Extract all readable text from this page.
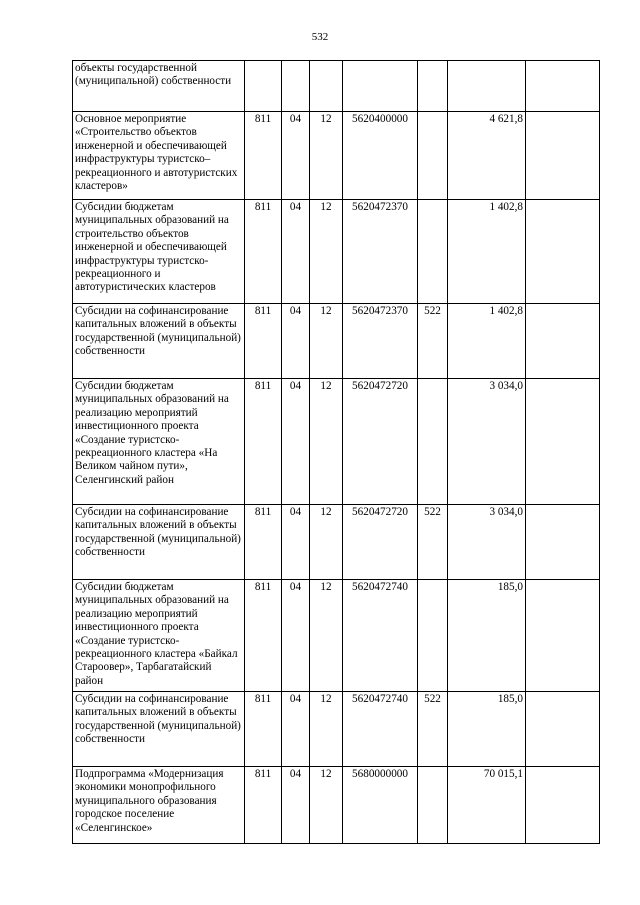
532
объекты государственной (муниципальной) собственности							
Основное мероприятие «Строительство объектов инженерной и обеспечивающей инфраструктуры туристско–рекреационного и автотуристских кластеров»	811	04	12	5620400000		4 621,8	
Субсидии бюджетам муниципальных образований на строительство объектов инженерной и обеспечивающей инфраструктуры туристско-рекреационного и автотуристических кластеров	811	04	12	5620472370		1 402,8	
Субсидии на софинансирование капитальных вложений в объекты государственной (муниципальной) собственности	811	04	12	5620472370	522	1 402,8	
Субсидии бюджетам муниципальных образований на реализацию мероприятий инвестиционного проекта «Создание туристско-рекреационного кластера «На Великом чайном пути», Селенгинский район	811	04	12	5620472720		3 034,0	
Субсидии на софинансирование капитальных вложений в объекты государственной (муниципальной) собственности	811	04	12	5620472720	522	3 034,0	
Субсидии бюджетам муниципальных образований на реализацию мероприятий инвестиционного проекта «Создание туристско-рекреационного кластера «Байкал Староовер», Тарбагатайский район	811	04	12	5620472740		185,0	
Субсидии на софинансирование капитальных вложений в объекты государственной (муниципальной) собственности	811	04	12	5620472740	522	185,0	
Подпрограмма «Модернизация экономики монопрофильного муниципального образования городское поселение «Селенгинское»	811	04	12	5680000000		70 015,1	
